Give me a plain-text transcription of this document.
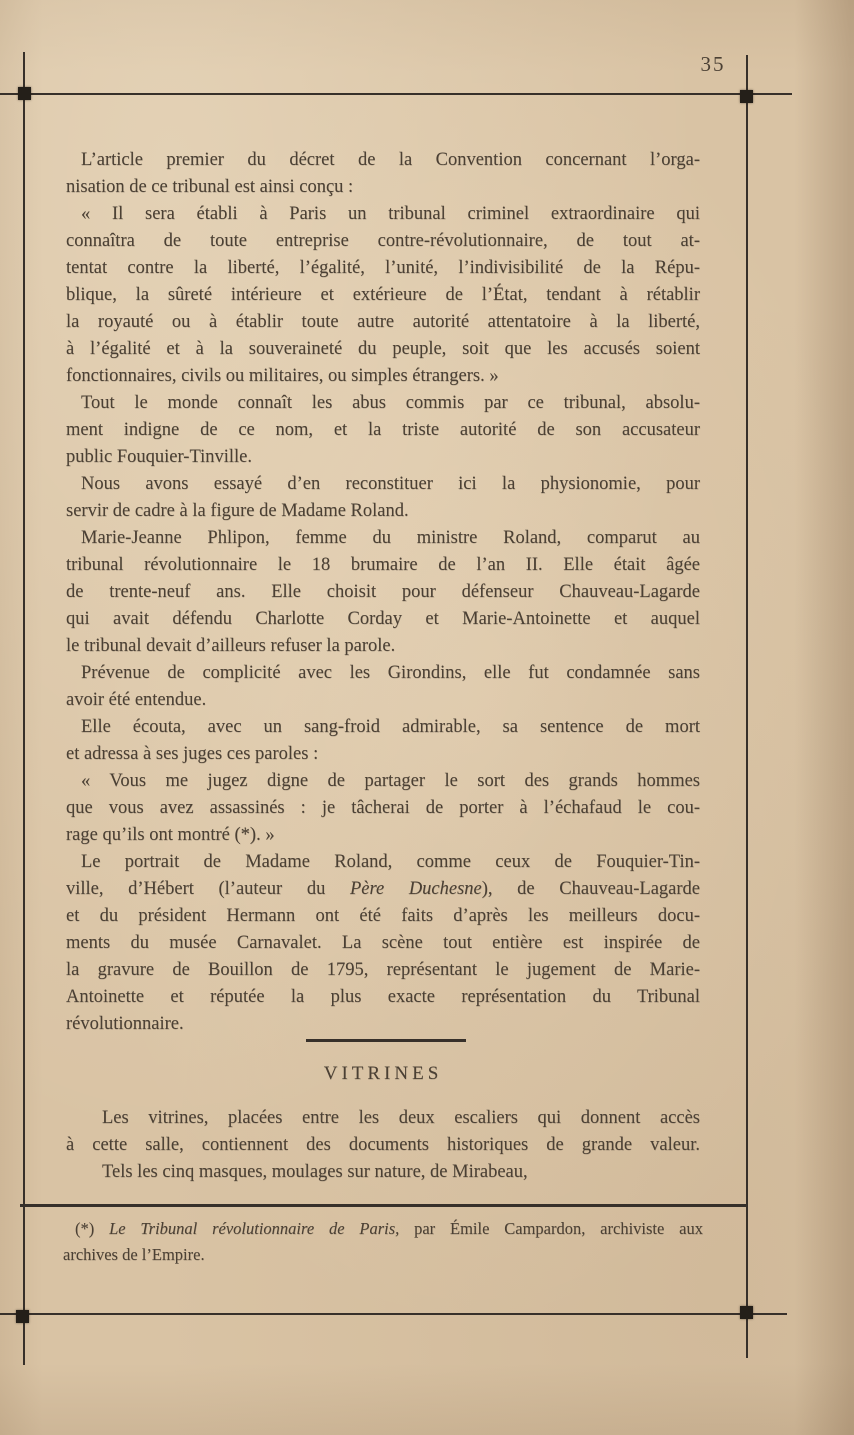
35
L’article premier du décret de la Convention concernant l’orga-
nisation de ce tribunal est ainsi conçu :
« Il sera établi à Paris un tribunal criminel extraordinaire qui
connaîtra de toute entreprise contre-révolutionnaire, de tout at-
tentat contre la liberté, l’égalité, l’unité, l’indivisibilité de la Répu-
blique, la sûreté intérieure et extérieure de l’État, tendant à rétablir
la royauté ou à établir toute autre autorité attentatoire à la liberté,
à l’égalité et à la souveraineté du peuple, soit que les accusés soient
fonctionnaires, civils ou militaires, ou simples étrangers. »
Tout le monde connaît les abus commis par ce tribunal, absolu-
ment indigne de ce nom, et la triste autorité de son accusateur
public Fouquier-Tinville.
Nous avons essayé d’en reconstituer ici la physionomie, pour
servir de cadre à la figure de Madame Roland.
Marie-Jeanne Phlipon, femme du ministre Roland, comparut au
tribunal révolutionnaire le 18 brumaire de l’an II. Elle était âgée
de trente-neuf ans. Elle choisit pour défenseur Chauveau-Lagarde
qui avait défendu Charlotte Corday et Marie-Antoinette et auquel
le tribunal devait d’ailleurs refuser la parole.
Prévenue de complicité avec les Girondins, elle fut condamnée sans
avoir été entendue.
Elle écouta, avec un sang-froid admirable, sa sentence de mort
et adressa à ses juges ces paroles :
« Vous me jugez digne de partager le sort des grands hommes
que vous avez assassinés : je tâcherai de porter à l’échafaud le cou-
rage qu’ils ont montré (*). »
Le portrait de Madame Roland, comme ceux de Fouquier-Tin-
ville, d’Hébert (l’auteur du Père Duchesne), de Chauveau-Lagarde
et du président Hermann ont été faits d’après les meilleurs docu-
ments du musée Carnavalet. La scène tout entière est inspirée de
la gravure de Bouillon de 1795, représentant le jugement de Marie-
Antoinette et réputée la plus exacte représentation du Tribunal
révolutionnaire.
VITRINES
Les vitrines, placées entre les deux escaliers qui donnent accès
à cette salle, contiennent des documents historiques de grande valeur.
Tels les cinq masques, moulages sur nature, de Mirabeau,
(*) Le Tribunal révolutionnaire de Paris, par Émile Campardon, archiviste aux
archives de l’Empire.
